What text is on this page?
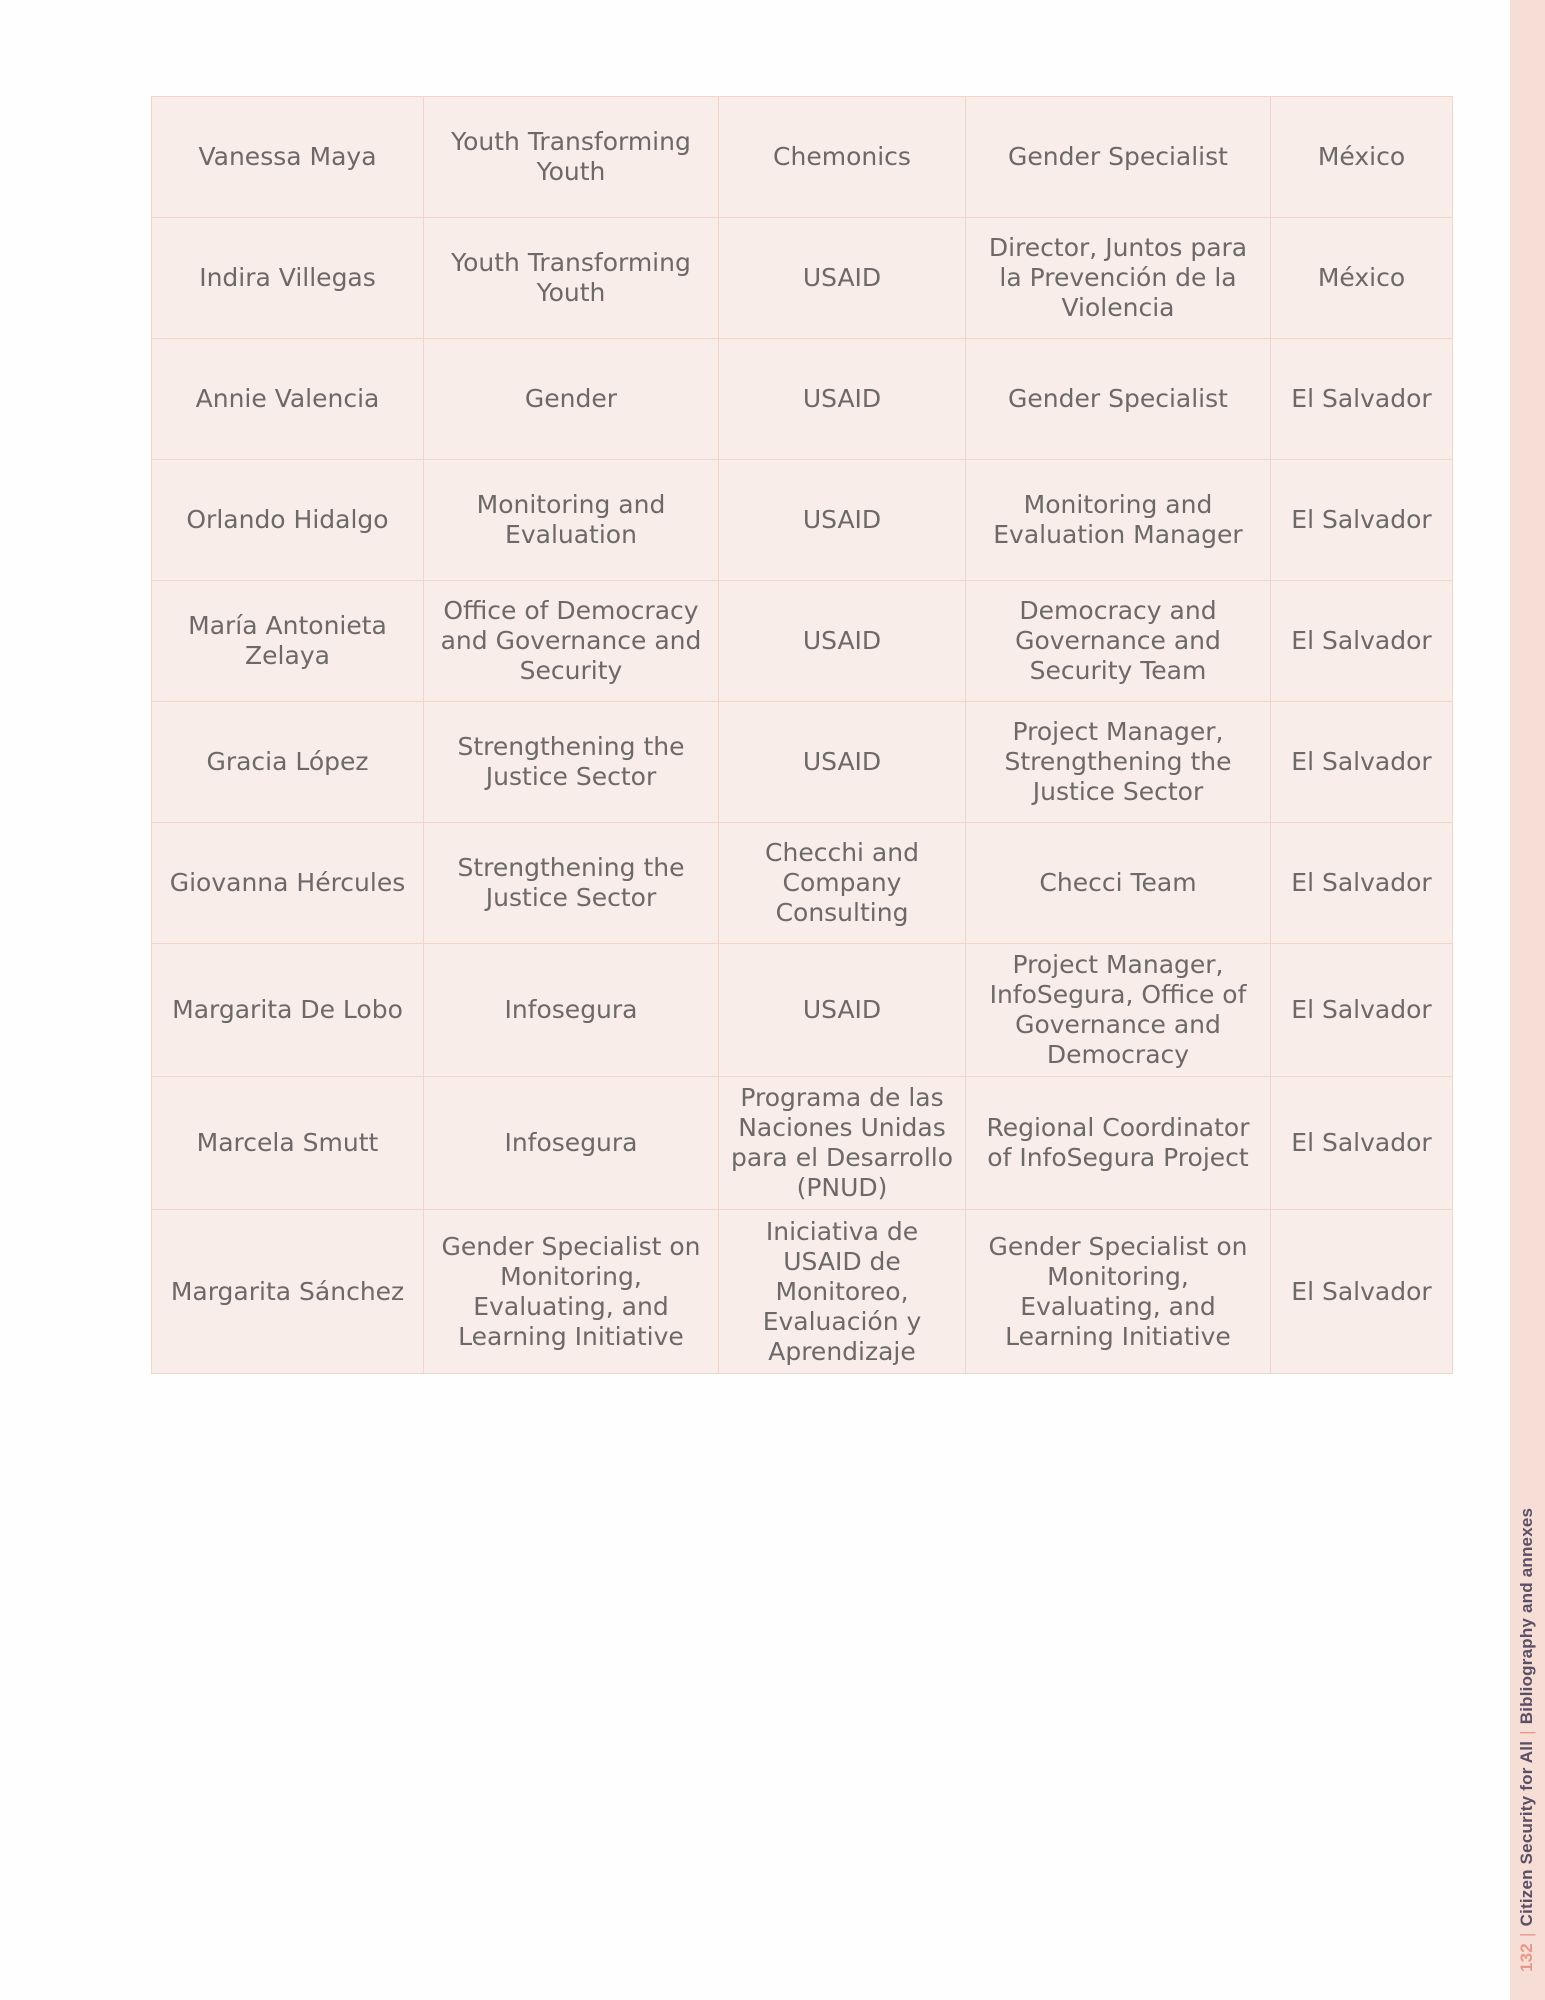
Vanessa Maya	Youth Transforming Youth	Chemonics	Gender Specialist	México
Indira Villegas	Youth Transforming Youth	USAID	Director, Juntos para la Prevención de la Violencia	México
Annie Valencia	Gender	USAID	Gender Specialist	El Salvador
Orlando Hidalgo	Monitoring and Evaluation	USAID	Monitoring and Evaluation Manager	El Salvador
María Antonieta Zelaya	Office of Democracy and Governance and Security	USAID	Democracy and Governance and Security Team	El Salvador
Gracia López	Strengthening the Justice Sector	USAID	Project Manager, Strengthening the Justice Sector	El Salvador
Giovanna Hércules	Strengthening the Justice Sector	Checchi and Company Consulting	Checci Team	El Salvador
Margarita De Lobo	Infosegura	USAID	Project Manager, InfoSegura, Office of Governance and Democracy	El Salvador
Marcela Smutt	Infosegura	Programa de las Naciones Unidas para el Desarrollo (PNUD)	Regional Coordinator of InfoSegura Project	El Salvador
Margarita Sánchez	Gender Specialist on Monitoring, Evaluating, and Learning Initiative	Iniciativa de USAID de Monitoreo, Evaluación y Aprendizaje	Gender Specialist on Monitoring, Evaluating, and Learning Initiative	El Salvador
132|Citizen Security for All|Bibliography and annexes
